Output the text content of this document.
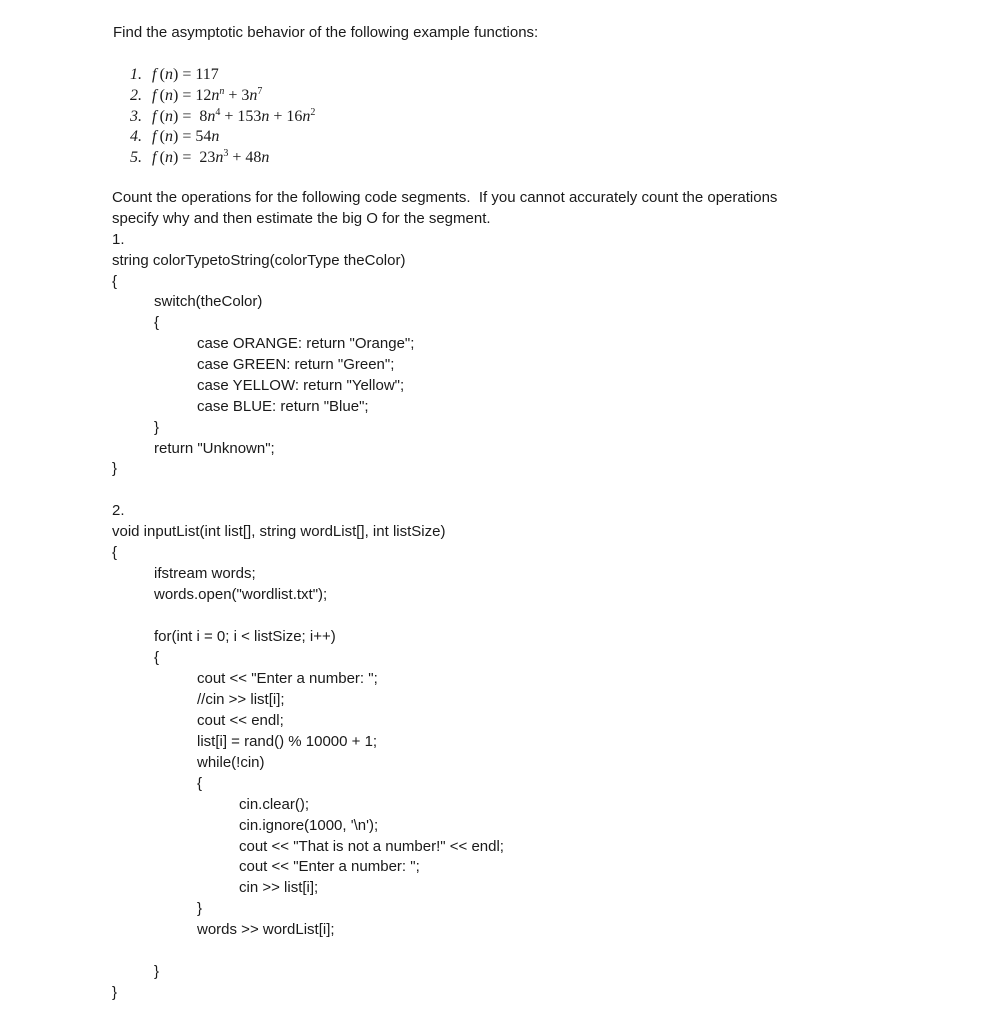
Find the asymptotic behavior of the following example functions:
1. f (n) = 117
2. f $(n) = 12n^n + 3n^7$
3. f $(n) = 8n^4 + 153n + 16n^2$
4. f (n) = 54n
5. f $(n) = 23n^3 + 48n$
Count the operations for the following code segments.  If you cannot accurately count the operations
specify why and then estimate the big O for the segment.
1.
string colorTypetoString(colorType theColor)
{
switch(theColor)
{
case ORANGE: return "Orange";
case GREEN: return "Green";
case YELLOW: return "Yellow";
case BLUE: return "Blue";
}
return "Unknown";
}
2.
void inputList(int list[], string wordList[], int listSize)
{
ifstream words;
words.open("wordlist.txt");
for(int i = 0; i < listSize; i++)
{
cout << "Enter a number: ";
//cin >> list[i];
cout << endl;
list[i] = rand() % 10000 + 1;
while(!cin)
{
cin.clear();
cin.ignore(1000, '\n');
cout << "That is not a number!" << endl;
cout << "Enter a number: ";
cin >> list[i];
}
words >> wordList[i];
}
}
